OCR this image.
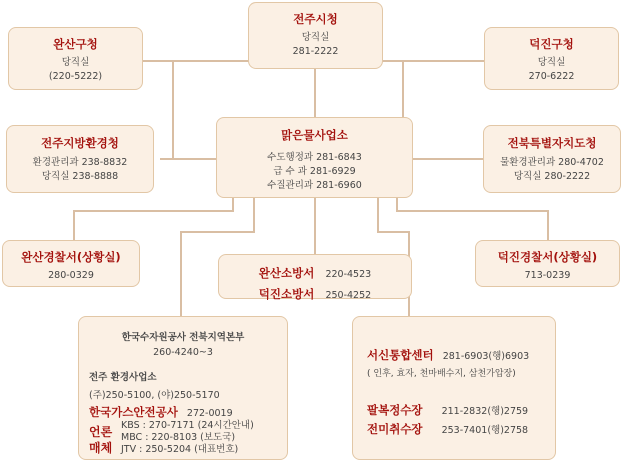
전주시청
당직실
281-2222
완산구청
당직실
(220-5222)
덕진구청
당직실
270-6222
전주지방환경청
환경관리과 238-8832
당직실 238-8888
맑은물사업소
수도행정과 281-6843
급 수 과 281-6929
수질관리과 281-6960
전북특별자치도청
물환경관리과 280-4702
당직실 280-2222
완산경찰서(상황실)
280-0329	완산소방서 220-4523
덕진소방서 250-4252
덕진경찰서(상황실)
713-0239
한국수자원공사 전북지역본부
260-4240~3
전주 환경사업소
(주)250-5100, (야)250-5170
한국가스안전공사 272-0019
언론
매체
KBS : 270-7171 (24시간안내)
MBC : 220-8103 (보도국)
JTV : 250-5204 (대표번호)
서신통합센터 281-6903(행)6903
( 인후, 효자, 천마배수지, 삼천가압장)
팔복정수장 211-2832(행)2759
전미취수장 253-7401(행)2758
